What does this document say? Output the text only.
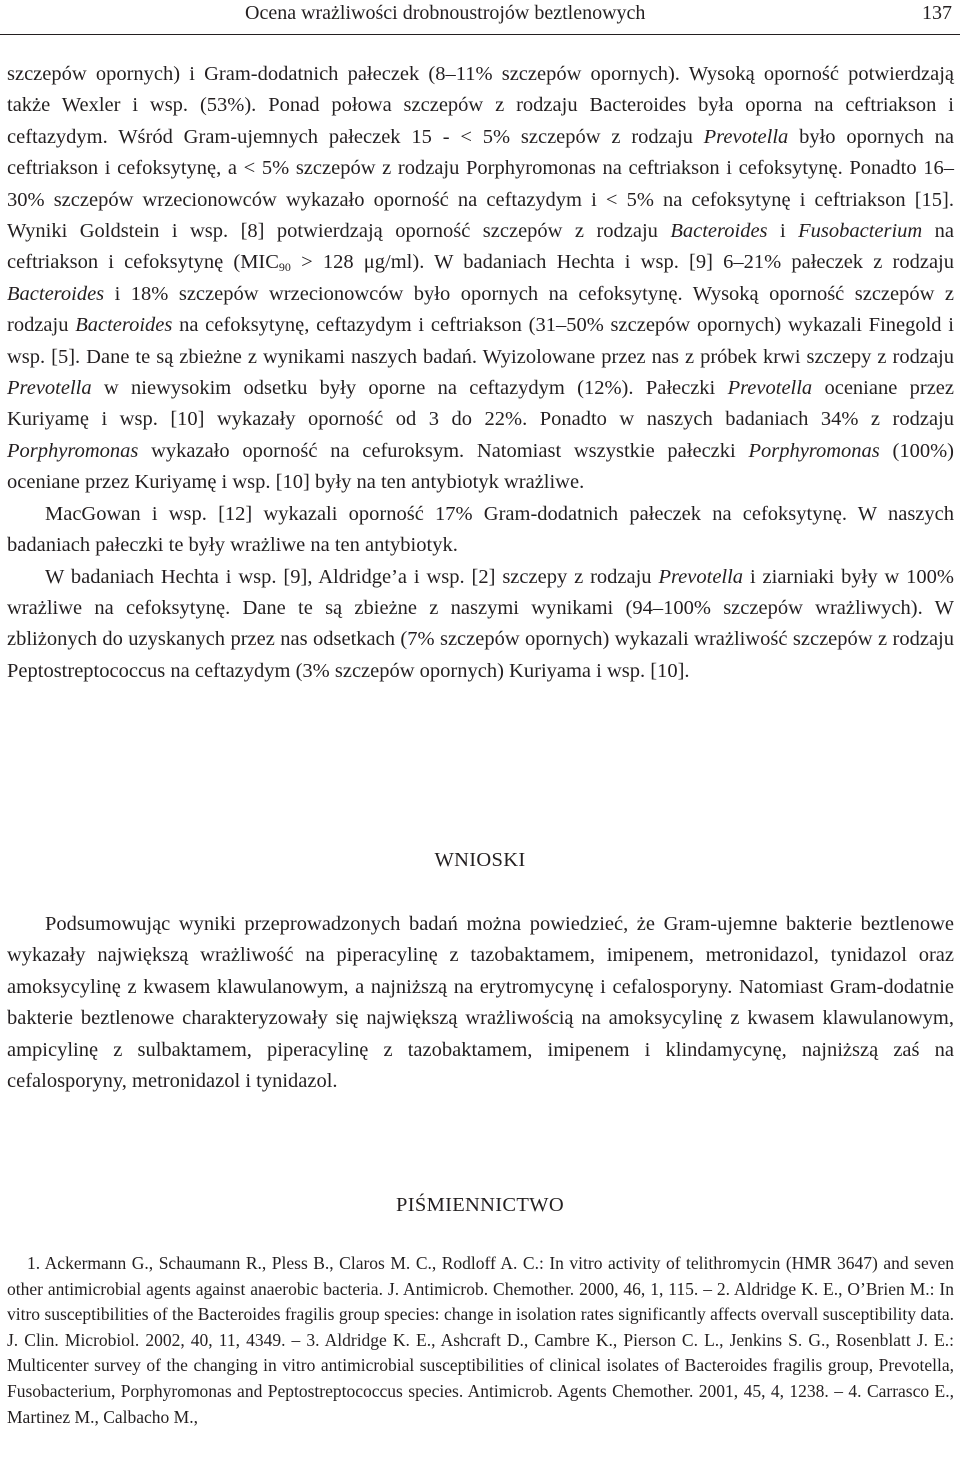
Ocena wrażliwości drobnoustrojów beztlenowych	137

szczepów opornych) i Gram-dodatnich pałeczek (8–11% szczepów opornych). Wysoką oporność potwierdzają także Wexler i wsp. (53%). Ponad połowa szczepów z rodzaju Bacteroides była oporna na ceftriakson i ceftazydym. Wśród Gram-ujemnych pałeczek 15 - < 5% szczepów z rodzaju Prevotella było opornych na ceftriakson i cefoksytynę, a < 5% szczepów z rodzaju Porphyromonas na ceftriakson i cefoksytynę. Ponadto 16–30% szczepów wrzecionowców wykazało oporność na ceftazydym i < 5% na cefoksytynę i ceftriakson [15]. Wyniki Goldstein i wsp. [8] potwierdzają oporność szczepów z rodzaju Bacteroides i Fusobacterium na ceftriakson i cefoksytynę ($MIC_{90} > 128$ μg/ml). W badaniach Hechta i wsp. [9] 6–21% pałeczek z rodzaju Bacteroides i 18% szczepów wrzecionowców było opornych na cefoksytynę. Wysoką oporność szczepów z rodzaju Bacteroides na cefoksytynę, ceftazydym i ceftriakson (31–50% szczepów opornych) wykazali Finegold i wsp. [5]. Dane te są zbieżne z wynikami naszych badań. Wyizolowane przez nas z próbek krwi szczepy z rodzaju Prevotella w niewysokim odsetku były oporne na ceftazydym (12%). Pałeczki Prevotella oceniane przez Kuriyamę i wsp. [10] wykazały oporność od 3 do 22%. Ponadto w naszych badaniach 34% z rodzaju Porphyromonas wykazało oporność na cefuroksym. Natomiast wszystkie pałeczki Porphyromonas (100%) oceniane przez Kuriyamę i wsp. [10] były na ten antybiotyk wrażliwe.

MacGowan i wsp. [12] wykazali oporność 17% Gram-dodatnich pałeczek na cefoksytynę. W naszych badaniach pałeczki te były wrażliwe na ten antybiotyk.

W badaniach Hechta i wsp. [9], Aldridge’a i wsp. [2] szczepy z rodzaju Prevotella i ziarniaki były w 100% wrażliwe na cefoksytynę. Dane te są zbieżne z naszymi wynikami (94–100% szczepów wrażliwych). W zbliżonych do uzyskanych przez nas odsetkach (7% szczepów opornych) wykazali wrażliwość szczepów z rodzaju Peptostreptococcus na ceftazydym (3% szczepów opornych) Kuriyama i wsp. [10].

WNIOSKI

Podsumowując wyniki przeprowadzonych badań można powiedzieć, że Gram-ujemne bakterie beztlenowe wykazały największą wrażliwość na piperacylinę z tazobaktamem, imipenem, metronidazol, tynidazol oraz amoksycylinę z kwasem klawulanowym, a najniższą na erytromycynę i cefalosporyny. Natomiast Gram-dodatnie bakterie beztlenowe charakteryzowały się największą wrażliwością na amoksycylinę z kwasem klawulanowym, ampicylinę z sulbaktamem, piperacylinę z tazobaktamem, imipenem i klindamycynę, najniższą zaś na cefalosporyny, metronidazol i tynidazol.

PIŚMIENNICTWO

1. Ackermann G., Schaumann R., Pless B., Claros M. C., Rodloff A. C.: In vitro activity of telithromycin (HMR 3647) and seven other antimicrobial agents against anaerobic bacteria. J. Antimicrob. Chemother. 2000, 46, 1, 115. – 2. Aldridge K. E., O’Brien M.: In vitro susceptibilities of the Bacteroides fragilis group species: change in isolation rates significantly affects overvall susceptibility data. J. Clin. Microbiol. 2002, 40, 11, 4349. – 3. Aldridge K. E., Ashcraft D., Cambre K., Pierson C. L., Jenkins S. G., Rosenblatt J. E.: Multicenter survey of the changing in vitro antimicrobial susceptibilities of clinical isolates of Bacteroides fragilis group, Prevotella, Fusobacterium, Porphyromonas and Peptostreptococcus species. Antimicrob. Agents Chemother. 2001, 45, 4, 1238. – 4. Carrasco E., Martinez M., Calbacho M.,
